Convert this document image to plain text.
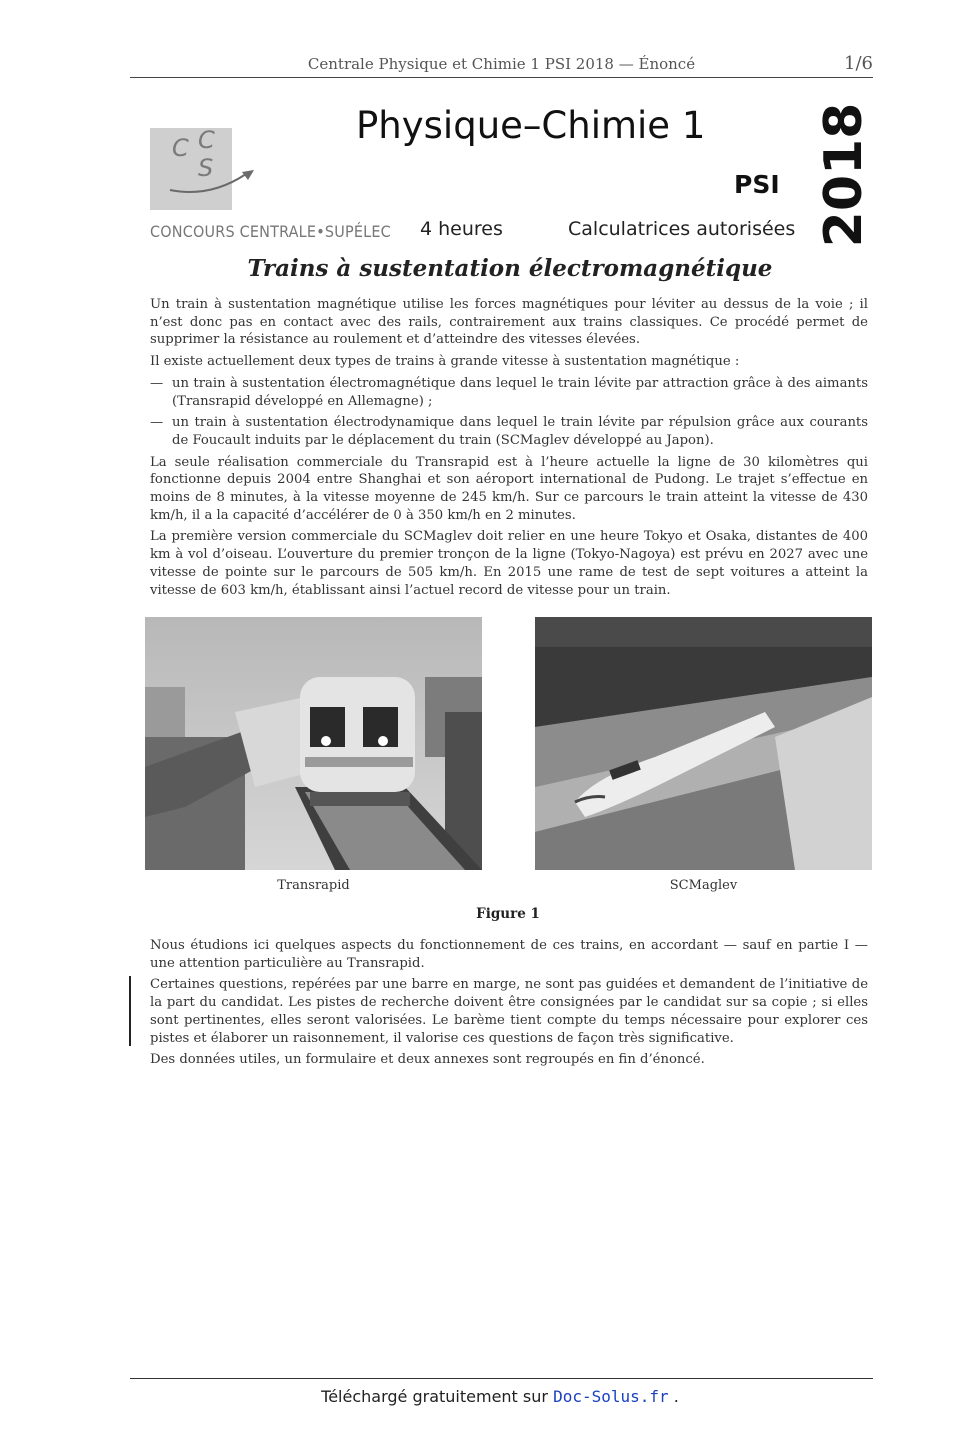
Centrale Physique et Chimie 1 PSI 2018 — Énoncé	1/6
C C
S
CONCOURS CENTRALE•SUPÉLEC
Physique–Chimie 1
PSI
4 heures	Calculatrices autorisées 2018
Trains à sustentation électromagnétique

Un train à sustentation magnétique utilise les forces magnétiques pour léviter au dessus de la voie ; il n’est donc pas en contact avec des rails, contrairement aux trains classiques. Ce procédé permet de supprimer la résistance au roulement et d’atteindre des vitesses élevées.

Il existe actuellement deux types de trains à grande vitesse à sustentation magnétique :

— un train à sustentation électromagnétique dans lequel le train lévite par attraction grâce à des aimants (Transrapid développé en Allemagne) ;
— un train à sustentation électrodynamique dans lequel le train lévite par répulsion grâce aux courants de Foucault induits par le déplacement du train (SCMaglev développé au Japon).

La seule réalisation commerciale du Transrapid est à l’heure actuelle la ligne de 30 kilomètres qui fonctionne depuis 2004 entre Shanghai et son aéroport international de Pudong. Le trajet s’effectue en moins de 8 minutes, à la vitesse moyenne de 245 km/h. Sur ce parcours le train atteint la vitesse de 430 km/h, il a la capacité d’accélérer de 0 à 350 km/h en 2 minutes.

La première version commerciale du SCMaglev doit relier en une heure Tokyo et Osaka, distantes de 400 km à vol d’oiseau. L’ouverture du premier tronçon de la ligne (Tokyo-Nagoya) est prévu en 2027 avec une vitesse de pointe sur le parcours de 505 km/h. En 2015 une rame de test de sept voitures a atteint la vitesse de 603 km/h, établissant ainsi l’actuel record de vitesse pour un train.

Transrapid	SCMaglev
Figure 1

Nous étudions ici quelques aspects du fonctionnement de ces trains, en accordant — sauf en partie I — une attention particulière au Transrapid.

Certaines questions, repérées par une barre en marge, ne sont pas guidées et demandent de l’initiative de la part du candidat. Les pistes de recherche doivent être consignées par le candidat sur sa copie ; si elles sont pertinentes, elles seront valorisées. Le barème tient compte du temps nécessaire pour explorer ces pistes et élaborer un raisonnement, il valorise ces questions de façon très significative.

Des données utiles, un formulaire et deux annexes sont regroupés en fin d’énoncé.

Téléchargé gratuitement sur Doc-Solus.fr .
